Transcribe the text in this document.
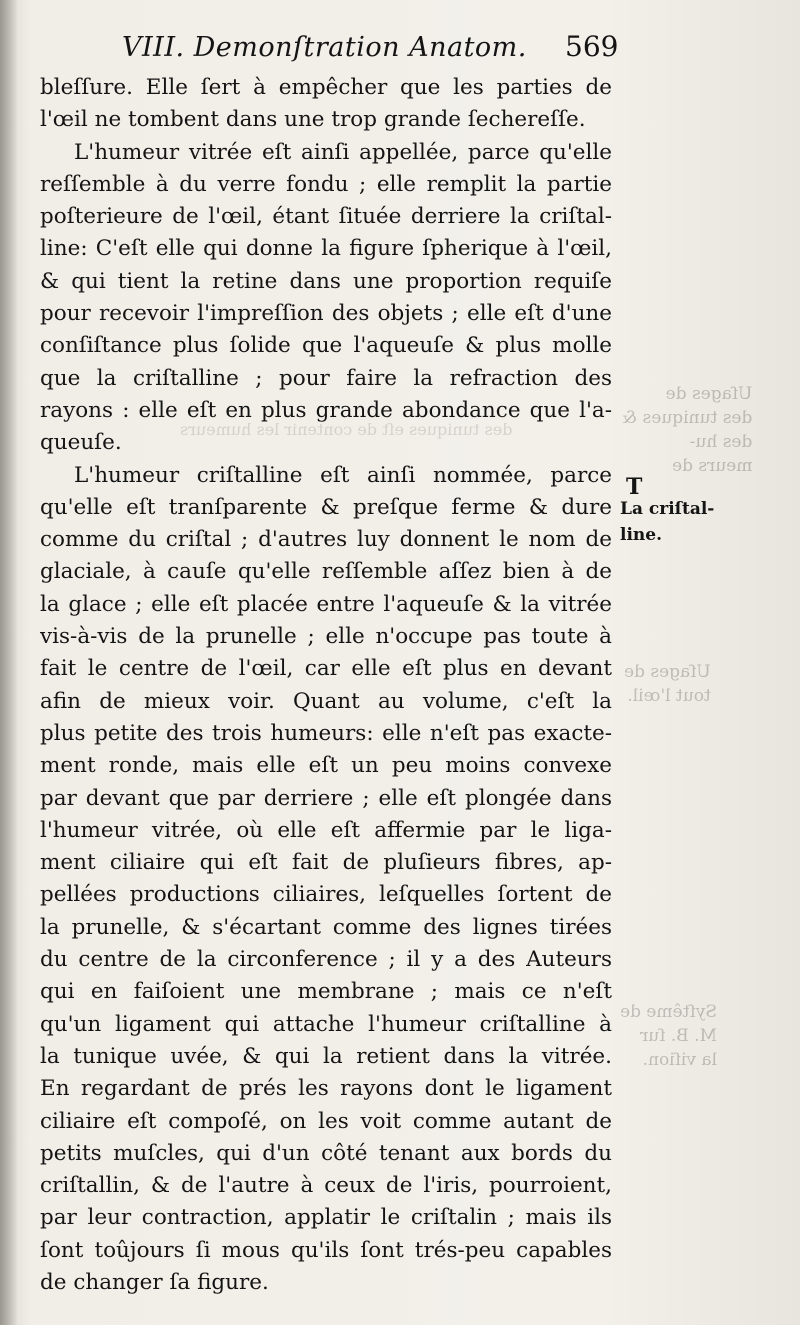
VIII. Demonſtration Anatom. 569
des tuniques eſt de contenir les humeurs
bleſſure. Elle ſert à empêcher que les parties de
l'œil ne tombent dans une trop grande ſechereſſe.
L'humeur vitrée eſt ainſi appellée, parce qu'elle
reſſemble à du verre fondu ; elle remplit la partie
poſterieure de l'œil, étant ſituée derriere la criſtal-
line: C'eſt elle qui donne la figure ſpherique à l'œil,
& qui tient la retine dans une proportion requiſe
pour recevoir l'impreſſion des objets ; elle eſt d'une
conſiſtance plus ſolide que l'aqueuſe & plus molle
que la criſtalline ; pour faire la refraction des
rayons : elle eſt en plus grande abondance que l'a-
queuſe.
L'humeur criſtalline eſt ainſi nommée, parce
qu'elle eſt tranſparente & preſque ferme & dure
comme du criſtal ; d'autres luy donnent le nom de
glaciale, à cauſe qu'elle reſſemble aſſez bien à de
la glace ; elle eſt placée entre l'aqueuſe & la vitrée
vis-à-vis de la prunelle ; elle n'occupe pas toute à
fait le centre de l'œil, car elle eſt plus en devant
afin de mieux voir. Quant au volume, c'eſt la
plus petite des trois humeurs: elle n'eſt pas exacte-
ment ronde, mais elle eſt un peu moins convexe
par devant que par derriere ; elle eſt plongée dans
l'humeur vitrée, où elle eſt affermie par le liga-
ment ciliaire qui eſt fait de pluſieurs fibres, ap-
pellées productions ciliaires, leſquelles ſortent de
la prunelle, & s'écartant comme des lignes tirées
du centre de la circonference ; il y a des Auteurs
qui en faiſoient une membrane ; mais ce n'eſt
qu'un ligament qui attache l'humeur criſtalline à
la tunique uvée, & qui la retient dans la vitrée.
En regardant de prés les rayons dont le ligament
ciliaire eſt compoſé, on les voit comme autant de
petits muſcles, qui d'un côté tenant aux bords du
criſtallin, & de l'autre à ceux de l'iris, pourroient,
par leur contraction, applatir le criſtalin ; mais ils
ſont toûjours ſi mous qu'ils ſont trés-peu capables
de changer ſa figure.
T
La criſtal-
line.
Uſages de
des tuniques &
des hu-
meurs de
Uſages de
tout l'œil.
Syſtême de
M. B. ſur
la viſion.
